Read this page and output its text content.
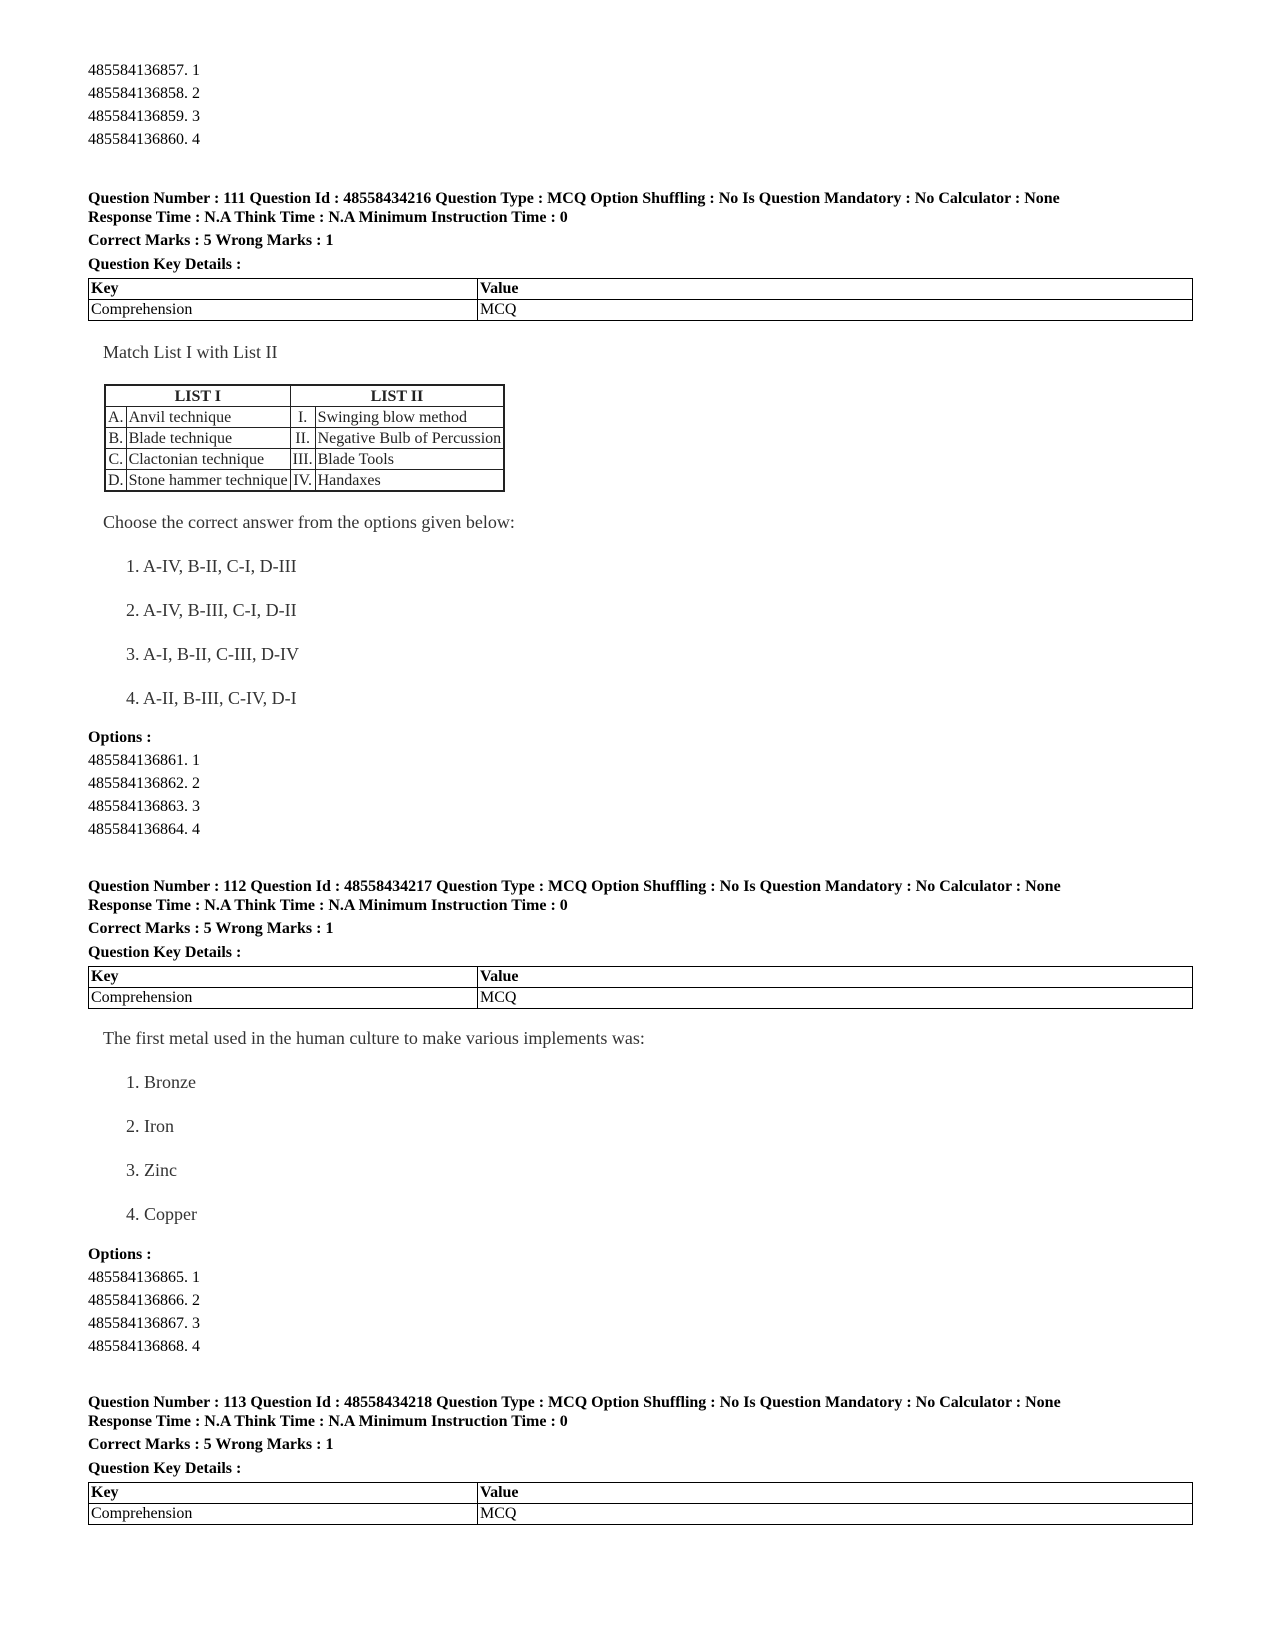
485584136857. 1
485584136858. 2
485584136859. 3
485584136860. 4
Question Number : 111 Question Id : 48558434216 Question Type : MCQ Option Shuffling : No Is Question Mandatory : No Calculator : None
Response Time : N.A Think Time : N.A Minimum Instruction Time : 0
Correct Marks : 5 Wrong Marks : 1
Question Key Details :
Key	Value
Comprehension	MCQ
Match List I with List II
LIST I		LIST II	
A.	Anvil technique	I.	Swinging blow method
B.	Blade technique	II.	Negative Bulb of Percussion
C.	Clactonian technique	III.	Blade Tools
D.	Stone hammer technique	IV.	Handaxes
Choose the correct answer from the options given below:
1. A-IV, B-II, C-I, D-III
2. A-IV, B-III, C-I, D-II
3. A-I, B-II, C-III, D-IV
4. A-II, B-III, C-IV, D-I
Options :
485584136861. 1
485584136862. 2
485584136863. 3
485584136864. 4
Question Number : 112 Question Id : 48558434217 Question Type : MCQ Option Shuffling : No Is Question Mandatory : No Calculator : None
Response Time : N.A Think Time : N.A Minimum Instruction Time : 0
Correct Marks : 5 Wrong Marks : 1
Question Key Details :
Key	Value
Comprehension	MCQ
The first metal used in the human culture to make various implements was:
1. Bronze
2. Iron
3. Zinc
4. Copper
Options :
485584136865. 1
485584136866. 2
485584136867. 3
485584136868. 4
Question Number : 113 Question Id : 48558434218 Question Type : MCQ Option Shuffling : No Is Question Mandatory : No Calculator : None
Response Time : N.A Think Time : N.A Minimum Instruction Time : 0
Correct Marks : 5 Wrong Marks : 1
Question Key Details :
Key	Value
Comprehension	MCQ
